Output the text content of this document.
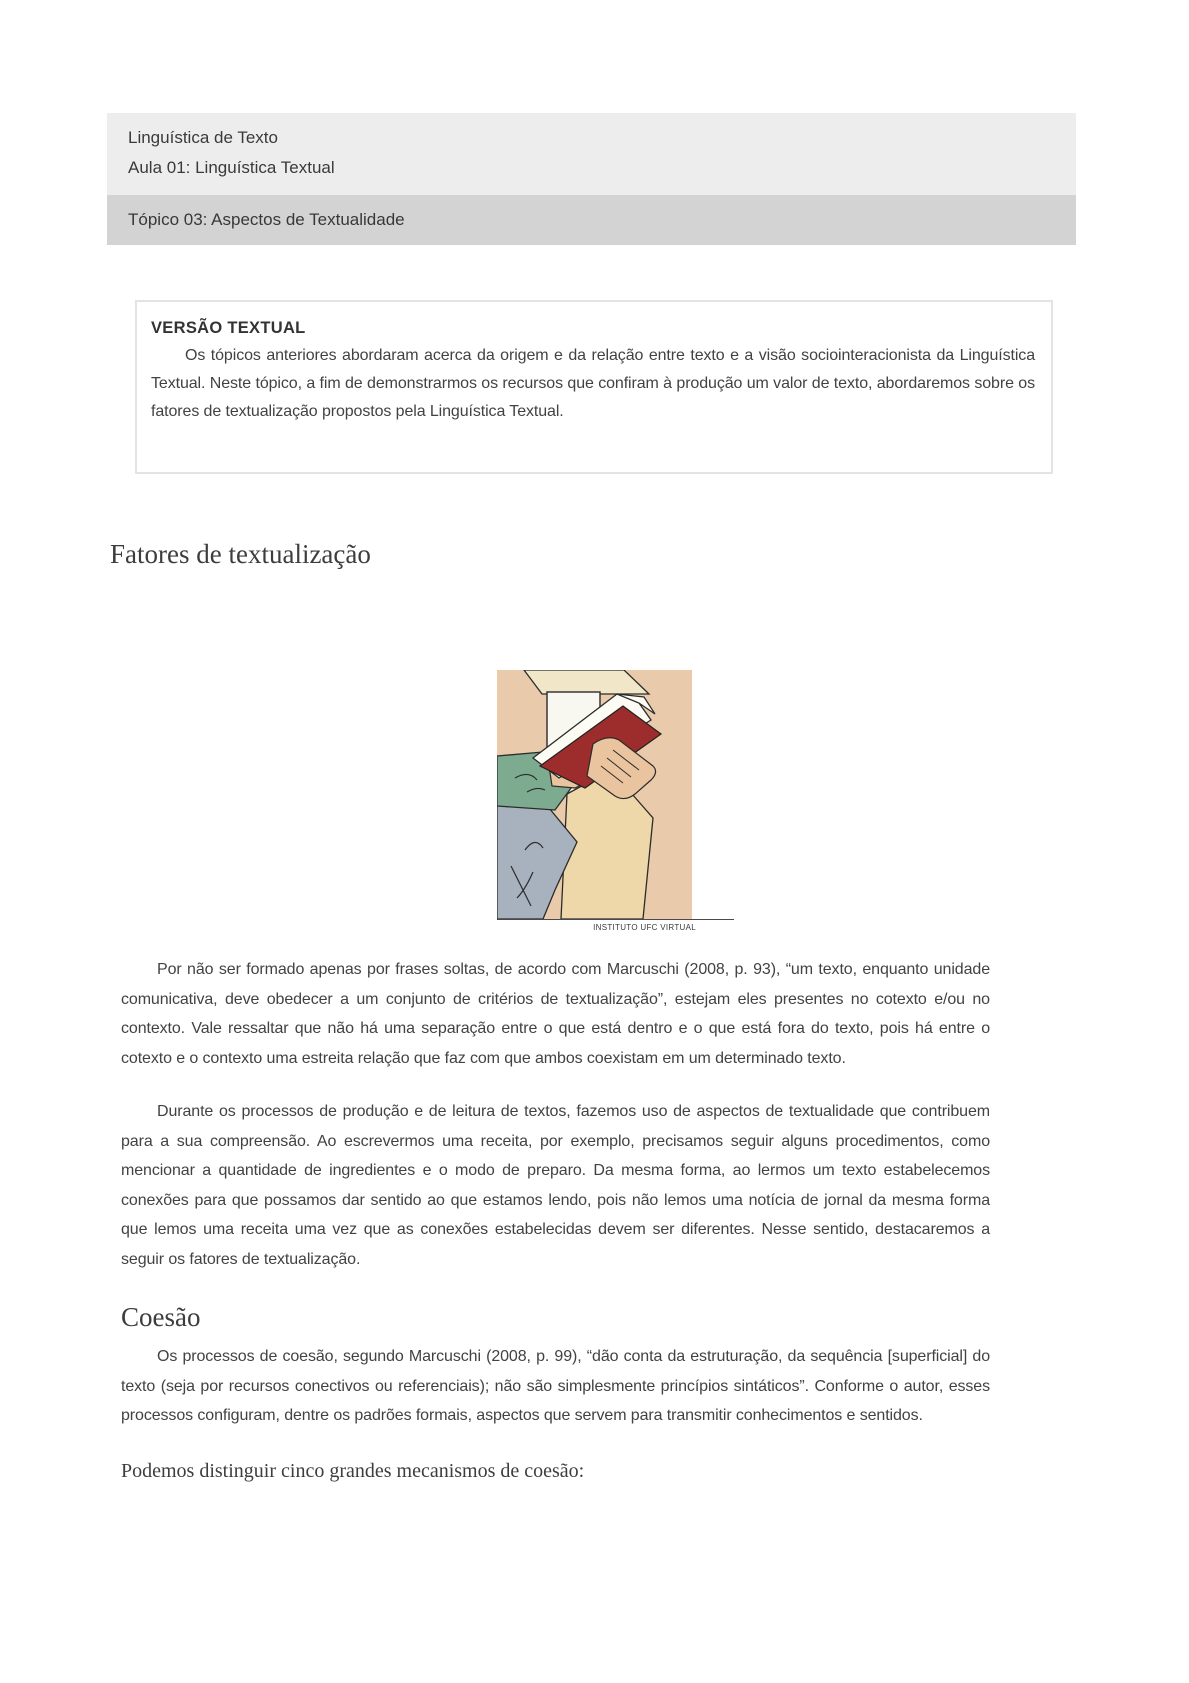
Linguística de Texto
Aula 01: Linguística Textual
Tópico 03: Aspectos de Textualidade
VERSÃO TEXTUAL

Os tópicos anteriores abordaram acerca da origem e da relação entre texto e a visão sociointeracionista da Linguística Textual. Neste tópico, a fim de demonstrarmos os recursos que confiram à produção um valor de texto, abordaremos sobre os fatores de textualização propostos pela Linguística Textual.

Fatores de textualização
INSTITUTO UFC VIRTUAL

Por não ser formado apenas por frases soltas, de acordo com Marcuschi (2008, p. 93), “um texto, enquanto unidade comunicativa, deve obedecer a um conjunto de critérios de textualização”, estejam eles presentes no cotexto e/ou no contexto. Vale ressaltar que não há uma separação entre o que está dentro e o que está fora do texto, pois há entre o cotexto e o contexto uma estreita relação que faz com que ambos coexistam em um determinado texto.

Durante os processos de produção e de leitura de textos, fazemos uso de aspectos de textualidade que contribuem para a sua compreensão. Ao escrevermos uma receita, por exemplo, precisamos seguir alguns procedimentos, como mencionar a quantidade de ingredientes e o modo de preparo. Da mesma forma, ao lermos um texto estabelecemos conexões para que possamos dar sentido ao que estamos lendo, pois não lemos uma notícia de jornal da mesma forma que lemos uma receita uma vez que as conexões estabelecidas devem ser diferentes. Nesse sentido, destacaremos a seguir os fatores de textualização.

Coesão

Os processos de coesão, segundo Marcuschi (2008, p. 99), “dão conta da estruturação, da sequência [superficial] do texto (seja por recursos conectivos ou referenciais); não são simplesmente princípios sintáticos”. Conforme o autor, esses processos configuram, dentre os padrões formais, aspectos que servem para transmitir conhecimentos e sentidos.

Podemos distinguir cinco grandes mecanismos de coesão:
